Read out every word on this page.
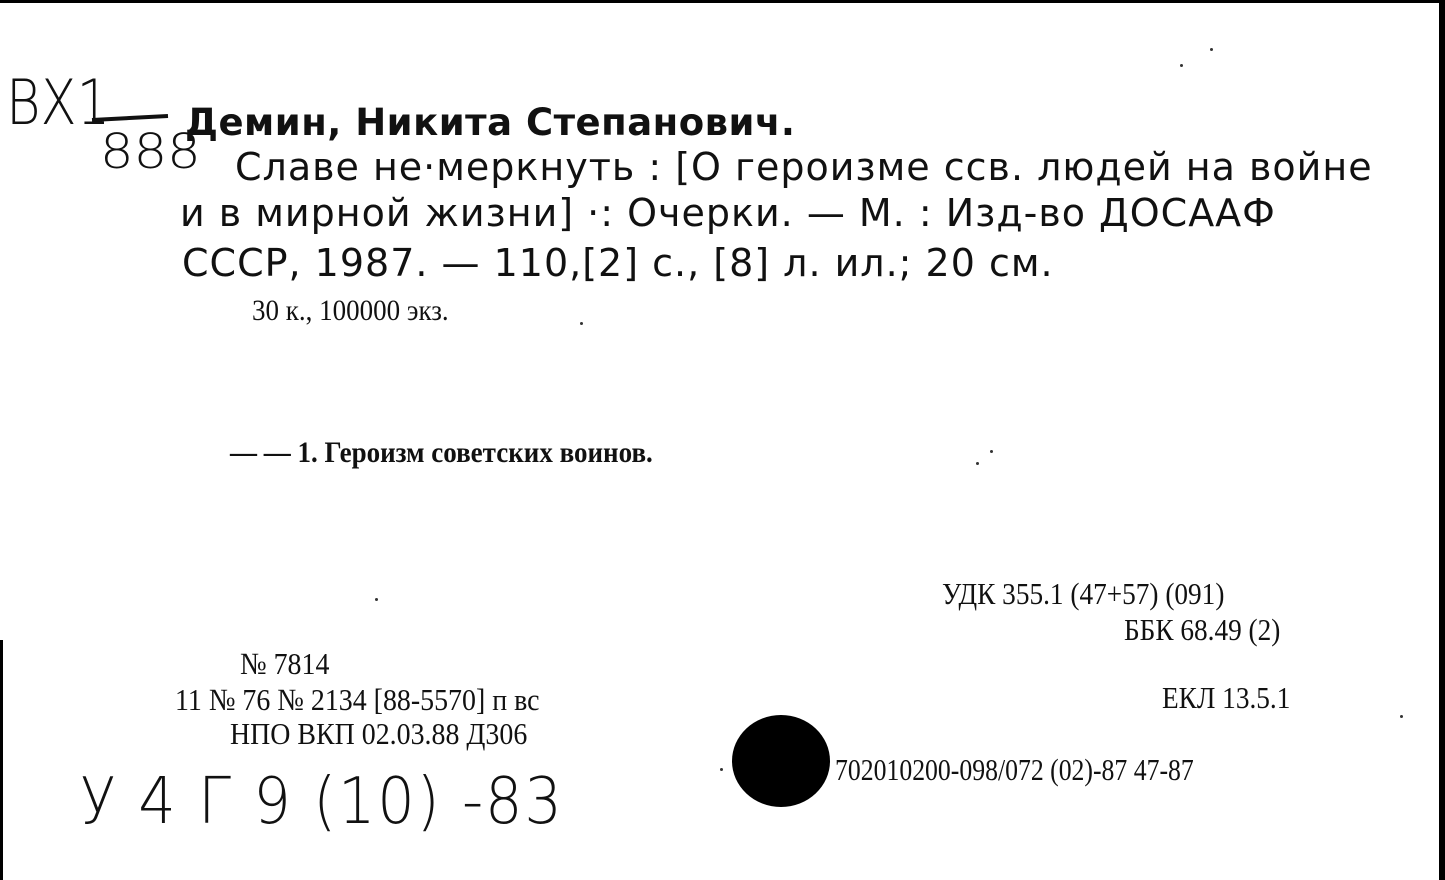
ВХ1
888
Демин, Никита Степанович.
Славе не·меркнуть : [О героизме ссв. людей на войне
и в мирной жизни] ·: Очерки. — М. : Изд-во ДОСААФ
СССР, 1987. — 110,[2] с., [8] л. ил.; 20 см.
30 к., 100000 экз.
— — 1. Героизм советских воинов.
УДК 355.1 (47+57) (091)
ББК 68.49 (2)
№ 7814
11 № 76 № 2134 [88-5570] п вс
НПО ВКП 02.03.88 Д306
ЕКЛ 13.5.1
702010200-098/072 (02)-87 47-87
У 4 Г 9 (10) -83
